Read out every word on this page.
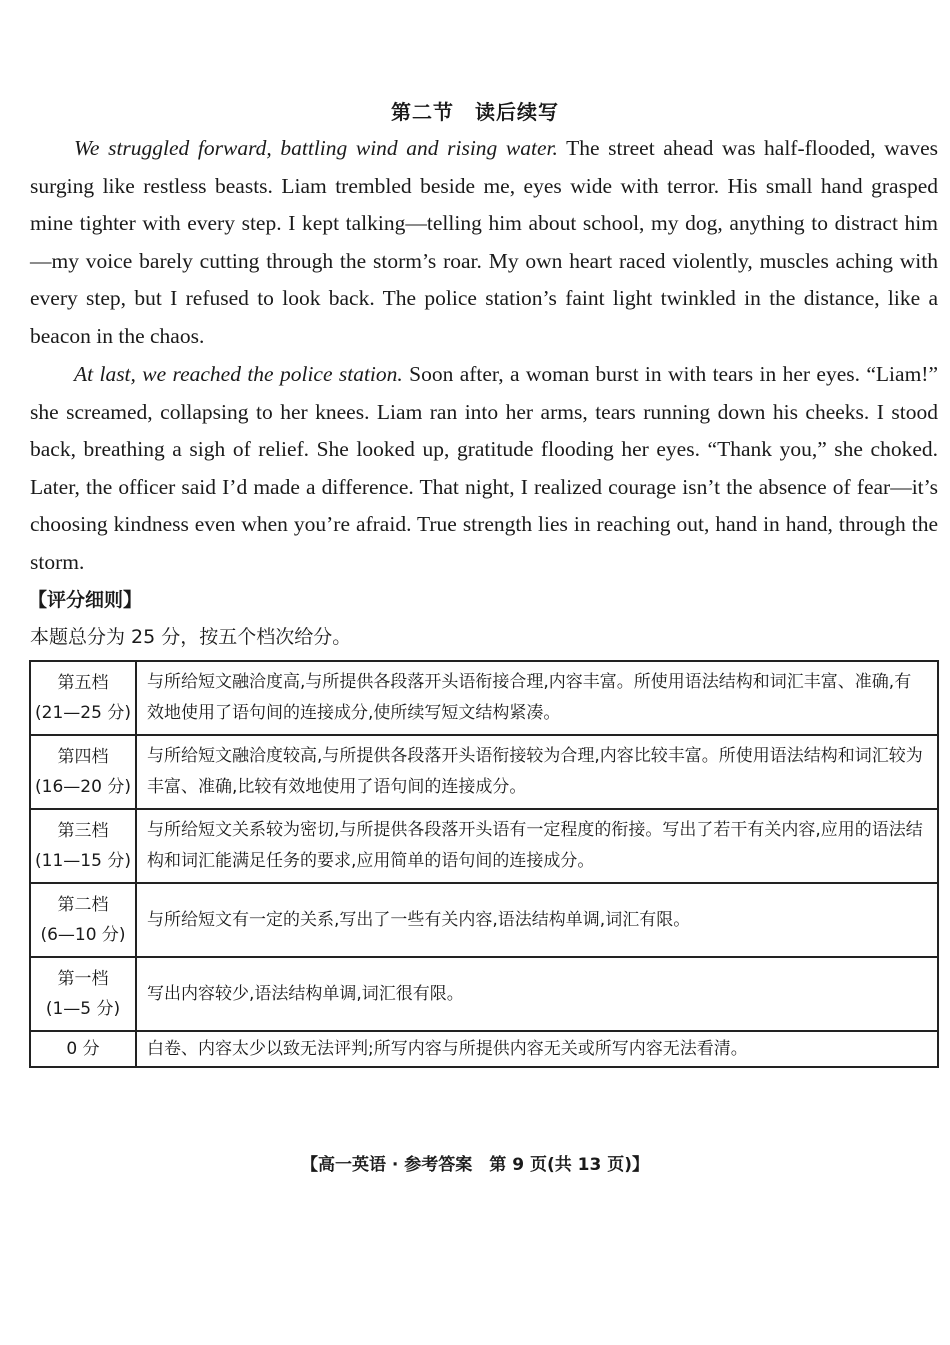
第二节　读后续写

We struggled forward, battling wind and rising water. The street ahead was half-flooded, waves surging like restless beasts. Liam trembled beside me, eyes wide with terror. His small hand grasped mine tighter with every step. I kept talking—telling him about school, my dog, anything to distract him—my voice barely cutting through the storm’s roar. My own heart raced violently, muscles aching with every step, but I refused to look back. The police station’s faint light twinkled in the distance, like a beacon in the chaos.

At last, we reached the police station. Soon after, a woman burst in with tears in her eyes. “Liam!” she screamed, collapsing to her knees. Liam ran into her arms, tears running down his cheeks. I stood back, breathing a sigh of relief. She looked up, gratitude flooding her eyes. “Thank you,” she choked. Later, the officer said I’d made a difference. That night, I realized courage isn’t the absence of fear—it’s choosing kindness even when you’re afraid. True strength lies in reaching out, hand in hand, through the storm.

【评分细则】
本题总分为 25 分，按五个档次给分。
第五档
(21—25 分)	与所给短文融洽度高,与所提供各段落开头语衔接合理,内容丰富。所使用语法结构和词汇丰富、准确,有效地使用了语句间的连接成分,使所续写短文结构紧凑。
第四档
(16—20 分)	与所给短文融洽度较高,与所提供各段落开头语衔接较为合理,内容比较丰富。所使用语法结构和词汇较为丰富、准确,比较有效地使用了语句间的连接成分。
第三档
(11—15 分)	与所给短文关系较为密切,与所提供各段落开头语有一定程度的衔接。写出了若干有关内容,应用的语法结构和词汇能满足任务的要求,应用简单的语句间的连接成分。
第二档
(6—10 分)	与所给短文有一定的关系,写出了一些有关内容,语法结构单调,词汇有限。
第一档
(1—5 分)	写出内容较少,语法结构单调,词汇很有限。
0 分	白卷、内容太少以致无法评判;所写内容与所提供内容无关或所写内容无法看清。
【高一英语 · 参考答案　第 9 页(共 13 页)】
